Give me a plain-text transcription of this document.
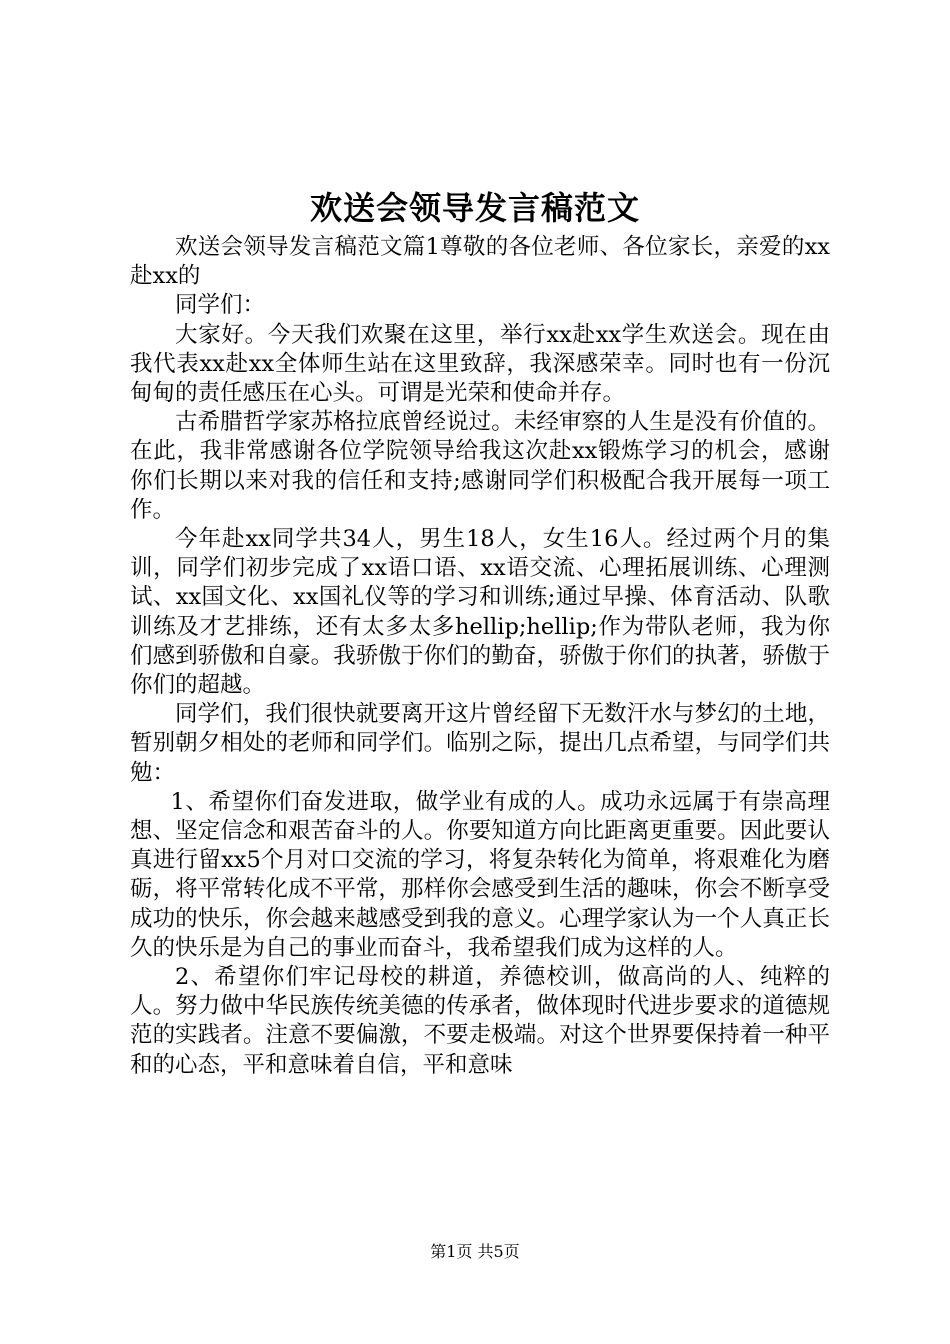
欢送会领导发言稿范文

欢送会领导发言稿范文篇1尊敬的各位老师、各位家长，亲爱的xx赴xx的

同学们：

大家好。今天我们欢聚在这里，举行xx赴xx学生欢送会。现在由我代表xx赴xx全体师生站在这里致辞，我深感荣幸。同时也有一份沉甸甸的责任感压在心头。可谓是光荣和使命并存。

古希腊哲学家苏格拉底曾经说过。未经审察的人生是没有价值的。在此，我非常感谢各位学院领导给我这次赴xx锻炼学习的机会，感谢你们长期以来对我的信任和支持;感谢同学们积极配合我开展每一项工作。

今年赴xx同学共34人，男生18人，女生16人。经过两个月的集训，同学们初步完成了xx语口语、xx语交流、心理拓展训练、心理测试、xx国文化、xx国礼仪等的学习和训练;通过早操、体育活动、队歌训练及才艺排练，还有太多太多hellip;hellip;作为带队老师，我为你们感到骄傲和自豪。我骄傲于你们的勤奋，骄傲于你们的执著，骄傲于你们的超越。

同学们，我们很快就要离开这片曾经留下无数汗水与梦幻的土地，暂别朝夕相处的老师和同学们。临别之际，提出几点希望，与同学们共勉：

1、希望你们奋发进取，做学业有成的人。成功永远属于有崇高理想、坚定信念和艰苦奋斗的人。你要知道方向比距离更重要。因此要认真进行留xx5个月对口交流的学习，将复杂转化为简单，将艰难化为磨砺，将平常转化成不平常，那样你会感受到生活的趣味，你会不断享受成功的快乐，你会越来越感受到我的意义。心理学家认为一个人真正长久的快乐是为自己的事业而奋斗，我希望我们成为这样的人。

2、希望你们牢记母校的耕道，养德校训，做高尚的人、纯粹的人。努力做中华民族传统美德的传承者，做体现时代进步要求的道德规范的实践者。注意不要偏激，不要走极端。对这个世界要保持着一种平和的心态，平和意味着自信，平和意味

第1页 共5页
